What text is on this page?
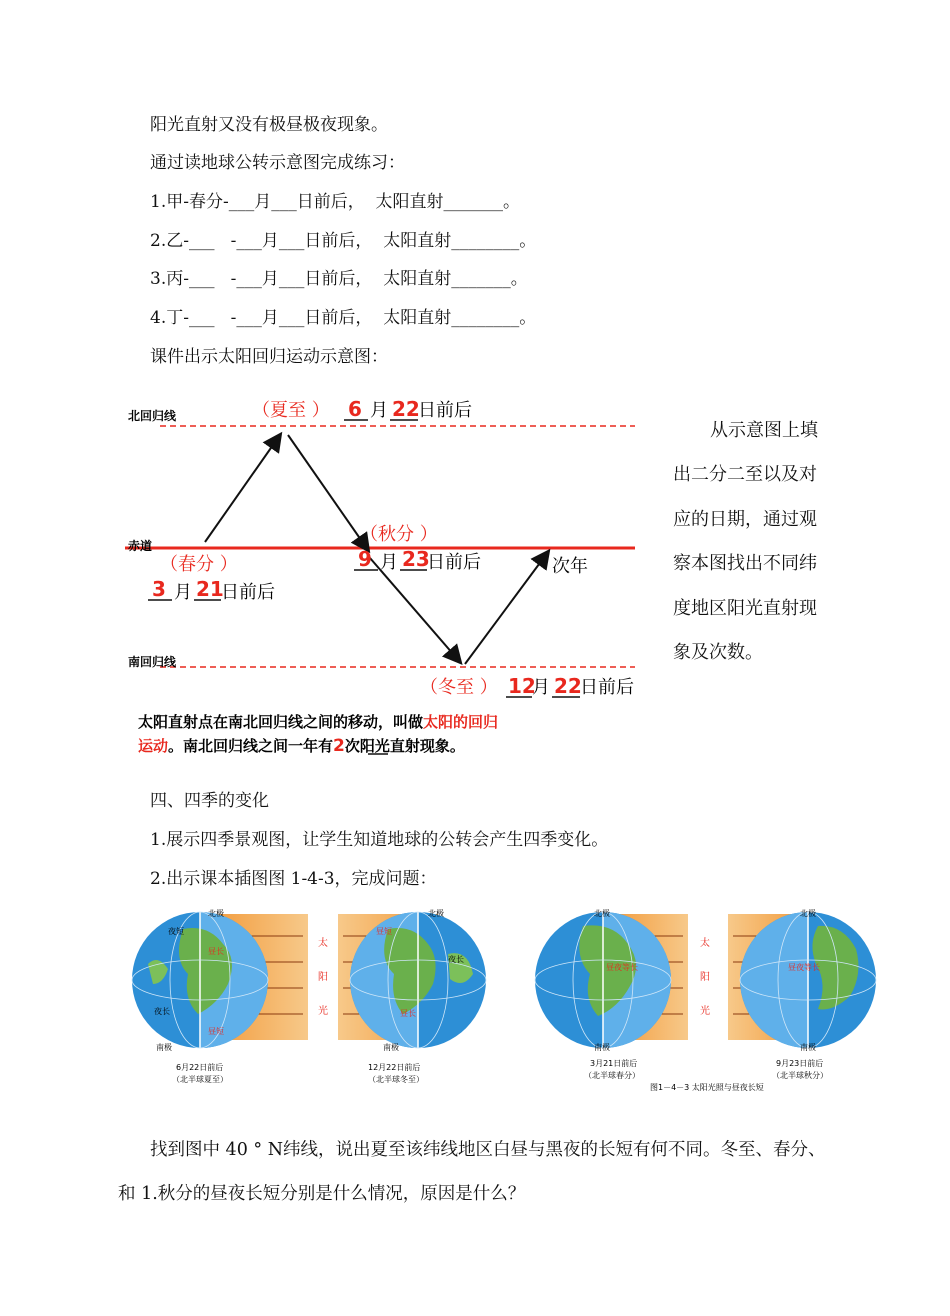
阳光直射又没有极昼极夜现象。
通过读地球公转示意图完成练习：
1.甲-春分-___月___日前后，  太阳直射_______。
2.乙-___   -___月___日前后，  太阳直射________。
3.丙-___   -___月___日前后，  太阳直射_______。
4.丁-___   -___月___日前后，  太阳直射________。
课件出示太阳回归运动示意图：
从示意图上填
出二分二至以及对
应的日期，通过观
察本图找出不同纬
度地区阳光直射现
象及次数。
北回归线
赤道
南回归线
（夏至 ） 6 月 22
日前后
（秋分 ）
9 月 23
日前后	次年
（春分 ）
3 月 21
日前后
（冬至 ） 12
月 22
日前后
太阳直射点在南北回归线之间的移动，叫做太阳的回归
运动。南北回归线之间一年有2次阳光直射现象。
四、四季的变化
1.展示四季景观图，让学生知道地球的公转会产生四季变化。
2.出示课本插图图 1-4-3，完成问题：
太
阳
光
北极
夜短
昼长
夜长
昼短
南极
北极
昼短
夜长
昼长
南极
6月22日前后
（北半球夏至）
12月22日前后
（北半球冬至）
太
阳
光
北极
昼夜等长
南极
北极
昼夜等长
南极
3月21日前后
（北半球春分）
图1－4－3 太阳光照与昼夜长短
9月23日前后
（北半球秋分）
找到图中 40 ° N纬线，说出夏至该纬线地区白昼与黑夜的长短有何不同。冬至、春分、
和 1.秋分的昼夜长短分别是什么情况，原因是什么？
